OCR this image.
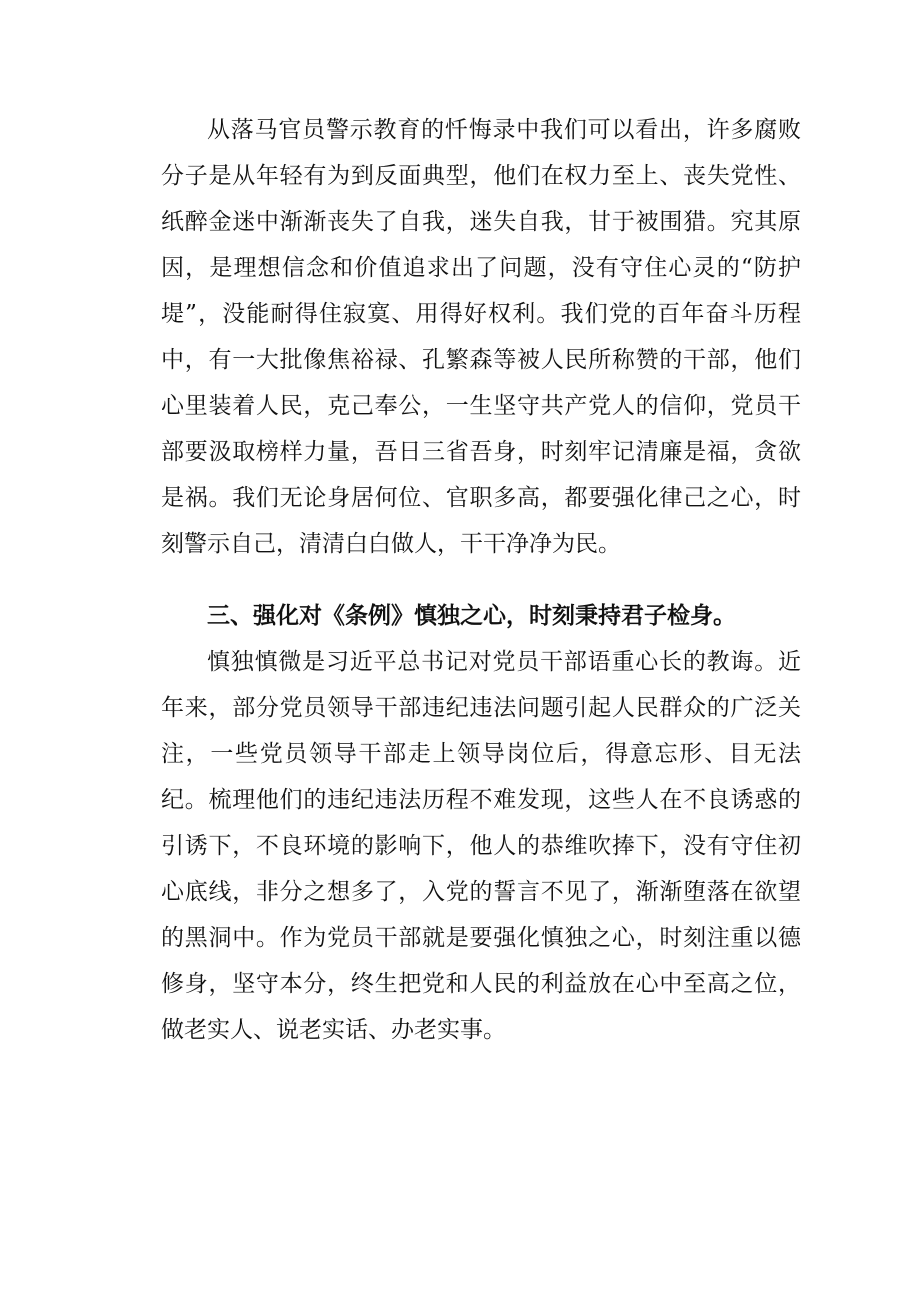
从落马官员警示教育的忏悔录中我们可以看出，许多腐败分子是从年轻有为到反面典型，他们在权力至上、丧失党性、纸醉金迷中渐渐丧失了自我，迷失自我，甘于被围猎。究其原因，是理想信念和价值追求出了问题，没有守住心灵的“防护堤”，没能耐得住寂寞、用得好权利。我们党的百年奋斗历程中，有一大批像焦裕禄、孔繁森等被人民所称赞的干部，他们心里装着人民，克己奉公，一生坚守共产党人的信仰，党员干部要汲取榜样力量，吾日三省吾身，时刻牢记清廉是福，贪欲是祸。我们无论身居何位、官职多高，都要强化律己之心，时刻警示自己，清清白白做人，干干净净为民。

三、强化对《条例》慎独之心，时刻秉持君子检身。

慎独慎微是习近平总书记对党员干部语重心长的教诲。近年来，部分党员领导干部违纪违法问题引起人民群众的广泛关注，一些党员领导干部走上领导岗位后，得意忘形、目无法纪。梳理他们的违纪违法历程不难发现，这些人在不良诱惑的引诱下，不良环境的影响下，他人的恭维吹捧下，没有守住初心底线，非分之想多了，入党的誓言不见了，渐渐堕落在欲望的黑洞中。作为党员干部就是要强化慎独之心，时刻注重以德修身，坚守本分，终生把党和人民的利益放在心中至高之位，做老实人、说老实话、办老实事。
